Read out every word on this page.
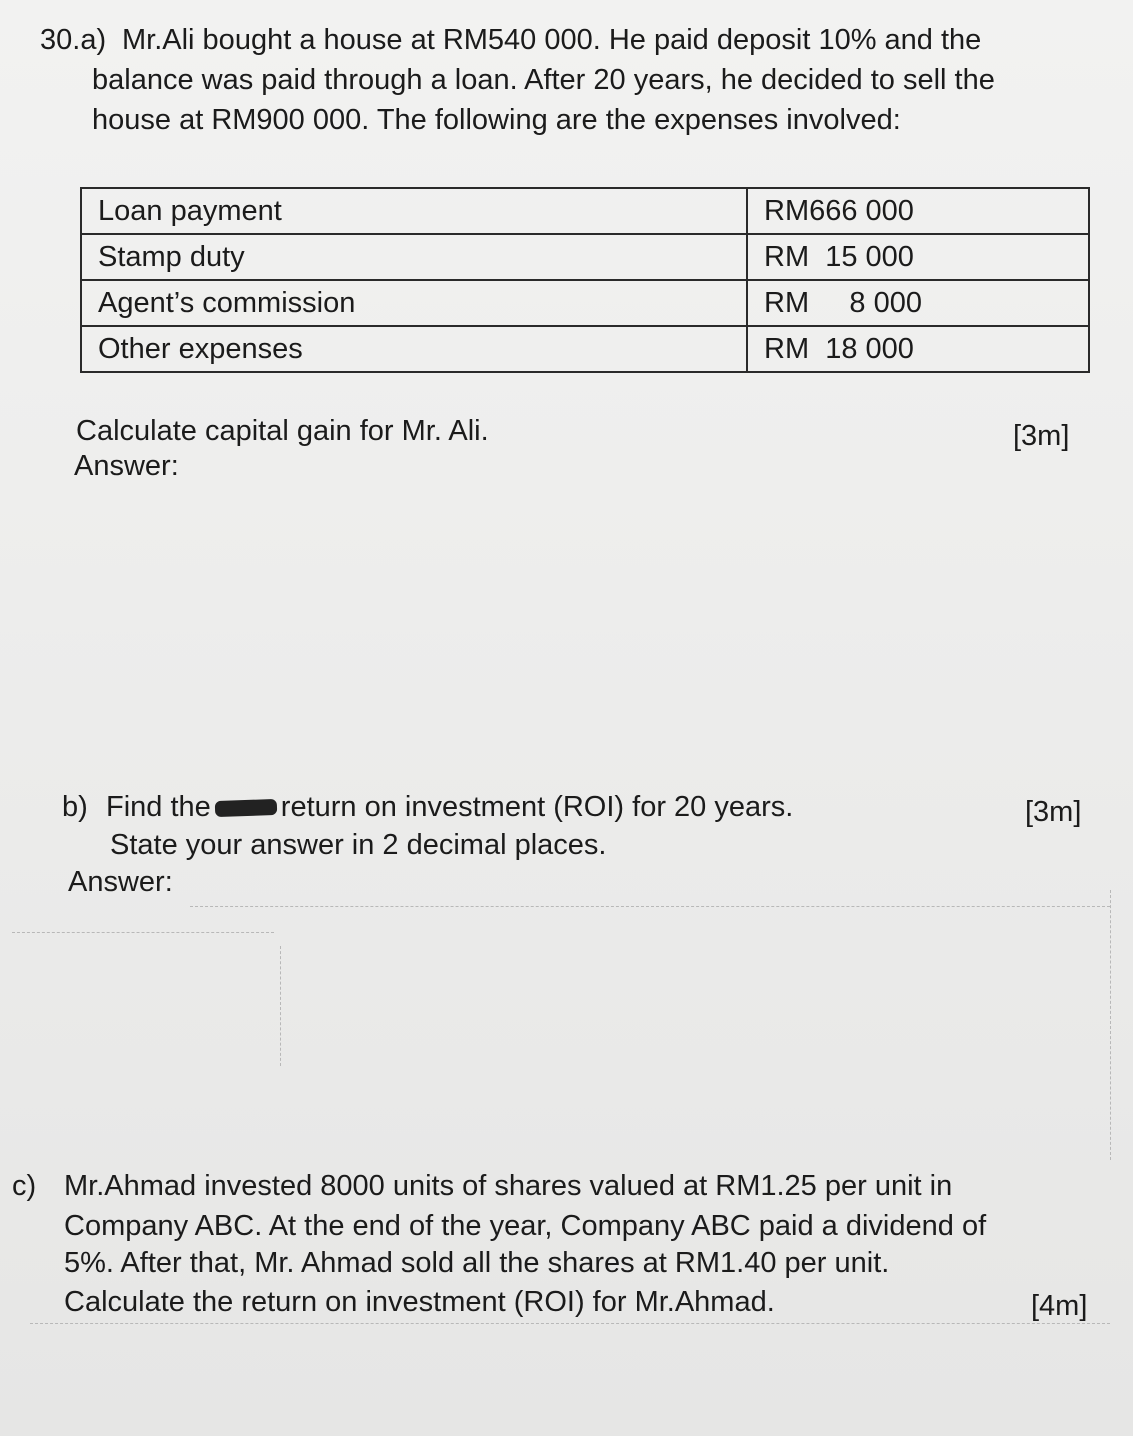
30.a) Mr.Ali bought a house at RM540 000. He paid deposit 10% and the

balance was paid through a loan. After 20 years, he decided to sell the

house at RM900 000. The following are the expenses involved:

Loan payment	RM666 000
Stamp duty	RM  15 000
Agent’s commission	RM     8 000
Other expenses	RM  18 000

Calculate capital gain for Mr. Ali.	[3m]

Answer:

b) Find the return on investment (ROI) for 20 years.	[3m]

State your answer in 2 decimal places.

Answer:

c) Mr.Ahmad invested 8000 units of shares valued at RM1.25 per unit in

Company ABC. At the end of the year, Company ABC paid a dividend of

5%. After that, Mr. Ahmad sold all the shares at RM1.40 per unit.

Calculate the return on investment (ROI) for Mr.Ahmad.	[4m]
